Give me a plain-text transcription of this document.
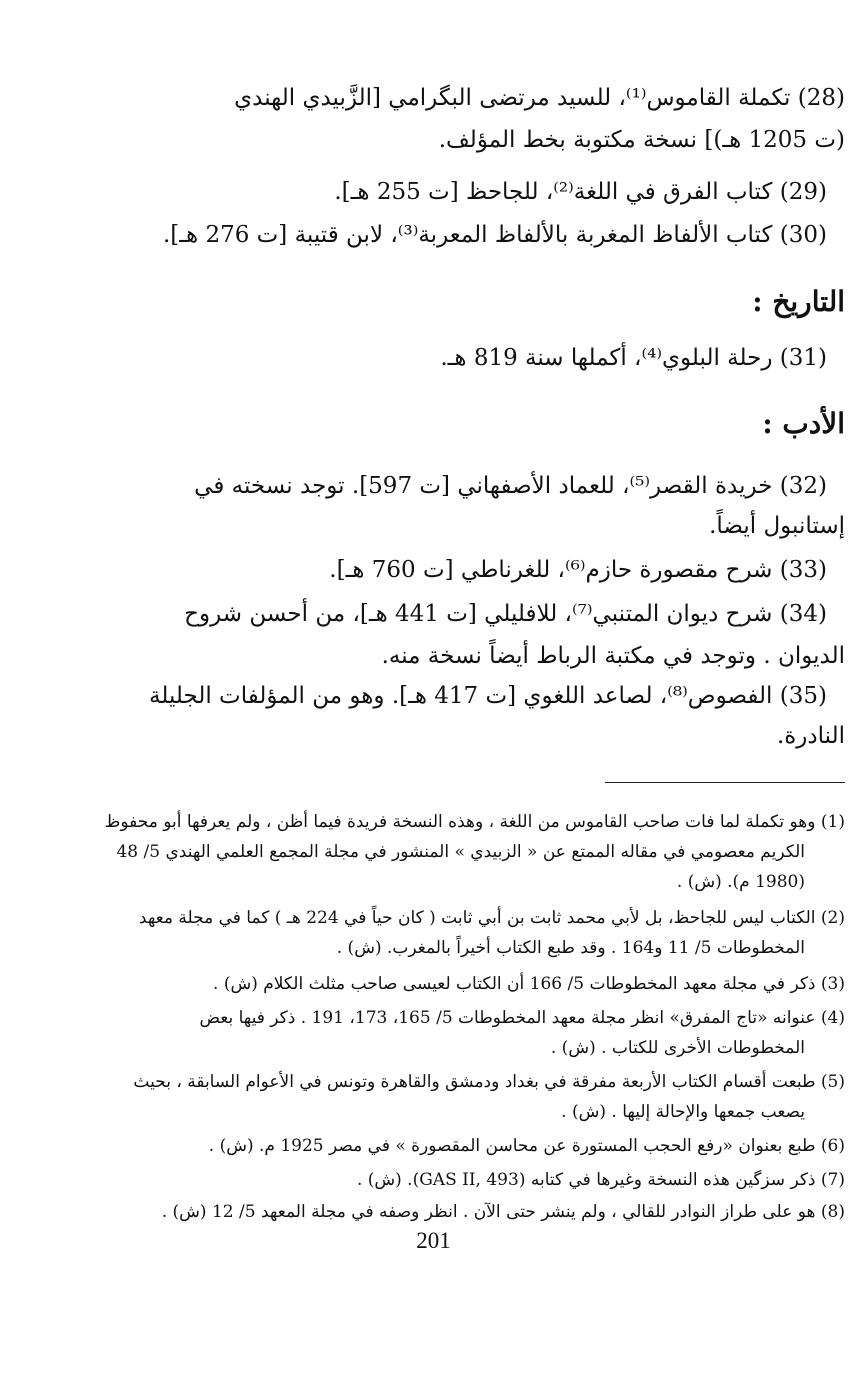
(28) تكملة القاموس⁽¹⁾، للسيد مرتضى البگرامي [الزَّبيدي الهندي
(ت 1205 هـ)] نسخة مكتوبة بخط المؤلف.
(29) كتاب الفرق في اللغة⁽²⁾، للجاحظ [ت 255 هـ].
(30) كتاب الألفاظ المغربة بالألفاظ المعربة⁽³⁾، لابن قتيبة [ت 276 هـ].
التاريخ :
(31) رحلة البلوي⁽⁴⁾، أكملها سنة 819 هـ.
الأدب :
(32) خريدة القصر⁽⁵⁾، للعماد الأصفهاني [ت 597]. توجد نسخته في
إستانبول أيضاً.
(33) شرح مقصورة حازم⁽⁶⁾، للغرناطي [ت 760 هـ].
(34) شرح ديوان المتنبي⁽⁷⁾، للافليلي [ت 441 هـ]، من أحسن شروح
الديوان . وتوجد في مكتبة الرباط أيضاً نسخة منه.
(35) الفصوص⁽⁸⁾، لصاعد اللغوي [ت 417 هـ]. وهو من المؤلفات الجليلة
النادرة.
(1) وهو تكملة لما فات صاحب القاموس من اللغة ، وهذه النسخة فريدة فيما أظن ، ولم يعرفها أبو محفوظ
الكريم معصومي في مقاله الممتع عن « الزبيدي » المنشور في مجلة المجمع العلمي الهندي 5/ 48
(1980 م). (ش) .
(2) الكتاب ليس للجاحظ، بل لأبي محمد ثابت بن أبي ثابت ( كان حياً في 224 هـ ) كما في مجلة معهد
المخطوطات 5/ 11 و164 . وقد طبع الكتاب أخيراً بالمغرب. (ش) .
(3) ذكر في مجلة معهد المخطوطات 5/ 166 أن الكتاب لعيسى صاحب مثلث الكلام (ش) .
(4) عنوانه «تاج المفرق» انظر مجلة معهد المخطوطات 5/ 165، 173، 191 . ذكر فيها بعض
المخطوطات الأخرى للكتاب . (ش) .
(5) طبعت أقسام الكتاب الأربعة مفرقة في بغداد ودمشق والقاهرة وتونس في الأعوام السابقة ، بحيث
يصعب جمعها والإحالة إليها . (ش) .
(6) طبع بعنوان «رفع الحجب المستورة عن محاسن المقصورة » في مصر 1925 م. (ش) .
(7) ذكر سزگين هذه النسخة وغيرها في كتابه (GAS II, 493). (ش) .
(8) هو على طراز النوادر للقالي ، ولم ينشر حتى الآن . انظر وصفه في مجلة المعهد 5/ 12 (ش) .
201
